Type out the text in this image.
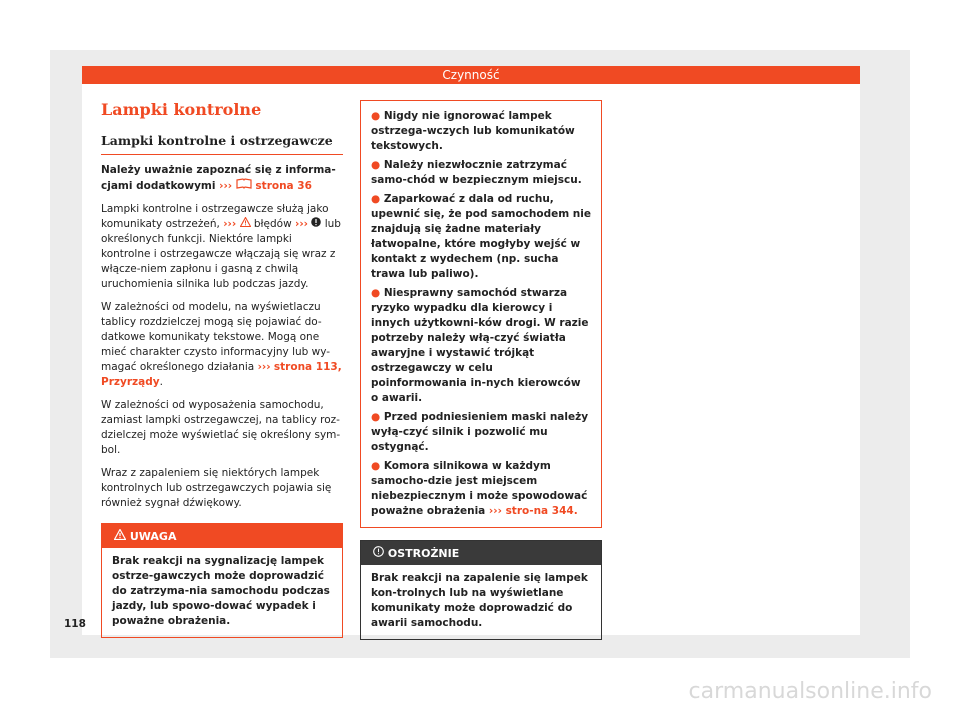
Czynność
Lampki kontrolne
Lampki kontrolne i ostrzegawcze

Należy uważnie zapoznać się z informa-cjami dodatkowymi ››› strona 36

Lampki kontrolne i ostrzegawcze służą jako komunikaty ostrzeżeń, ››› błędów ››› lub określonych funkcji. Niektóre lampki kontrolne i ostrzegawcze włączają się wraz z włącze-niem zapłonu i gasną z chwilą uruchomienia silnika lub podczas jazdy.

W zależności od modelu, na wyświetlaczu tablicy rozdzielczej mogą się pojawiać do-datkowe komunikaty tekstowe. Mogą one mieć charakter czysto informacyjny lub wy-magać określonego działania ››› strona 113, Przyrządy.

W zależności od wyposażenia samochodu, zamiast lampki ostrzegawczej, na tablicy roz-dzielczej może wyświetlać się określony sym-bol.

Wraz z zapaleniem się niektórych lampek kontrolnych lub ostrzegawczych pojawia się również sygnał dźwiękowy.

UWAGA
Brak reakcji na sygnalizację lampek ostrze-gawczych może doprowadzić do zatrzyma-nia samochodu podczas jazdy, lub spowo-dować wypadek i poważne obrażenia.
● Nigdy nie ignorować lampek ostrzega-wczych lub komunikatów tekstowych.
● Należy niezwłocznie zatrzymać samo-chód w bezpiecznym miejscu.
● Zaparkować z dala od ruchu, upewnić się, że pod samochodem nie znajdują się żadne materiały łatwopalne, które mogłyby wejść w kontakt z wydechem (np. sucha trawa lub paliwo).
● Niesprawny samochód stwarza ryzyko wypadku dla kierowcy i innych użytkowni-ków drogi. W razie potrzeby należy włą-czyć światła awaryjne i wystawić trójkąt ostrzegawczy w celu poinformowania in-nych kierowców o awarii.
● Przed podniesieniem maski należy wyłą-czyć silnik i pozwolić mu ostygnąć.
● Komora silnikowa w każdym samocho-dzie jest miejscem niebezpiecznym i może spowodować poważne obrażenia ››› stro-na 344.
OSTROŻNIE
Brak reakcji na zapalenie się lampek kon-trolnych lub na wyświetlane komunikaty może doprowadzić do awarii samochodu.
118
carmanualsonline.info
